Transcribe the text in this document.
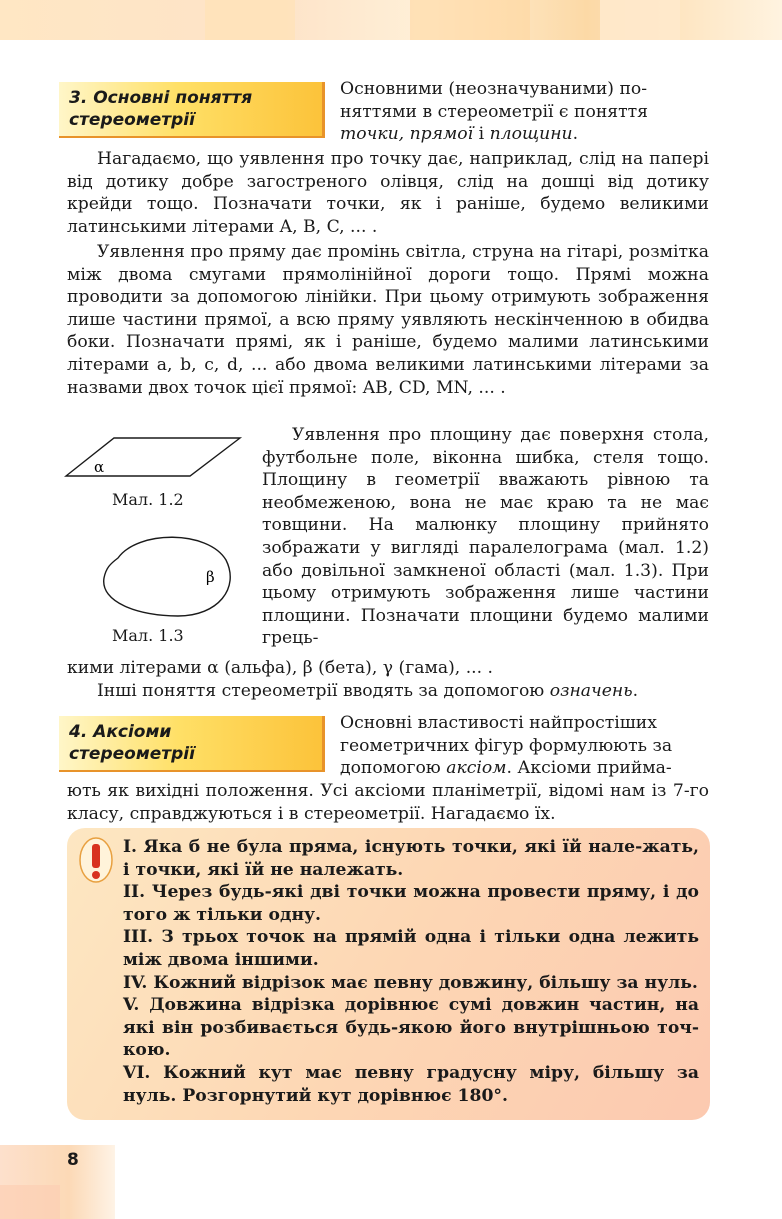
3. Основні поняття
стереометрії

Основними (неозначуваними) по-
няттями в стереометрії є поняття
точки, прямої і площини.

Нагадаємо, що уявлення про точку дає, наприклад, слід на папері від дотику добре загостреного олівця, слід на дошці від дотику крейди тощо. Позначати точки, як і раніше, будемо великими латинськими літерами A, B, C, ... .

Уявлення про пряму дає промінь світла, струна на гітарі, розмітка між двома смугами прямолінійної дороги тощо. Прямі можна проводити за допомогою лінійки. При цьому отримують зображення лише частини прямої, а всю пряму уявляють нескінченною в обидва боки. Позначати прямі, як і раніше, будемо малими латинськими літерами a, b, c, d, ... або двома великими латинськими літерами за назвами двох точок цієї прямої: AB, CD, MN, ... .

α
Мал. 1.2
β
Мал. 1.3

Уявлення про площину дає поверхня стола, футбольне поле, віконна шибка, стеля тощо. Площину в геометрії вважають рівною та необмеженою, вона не має краю та не має товщини. На малюнку площину прийнято зображати у вигляді паралелограма (мал. 1.2) або довільної замкненої області (мал. 1.3). При цьому отримують зображення лише частини площини. Позначати площини будемо малими грець-

кими літерами α (альфа), β (бета), γ (гама), ... .

Інші поняття стереометрії вводять за допомогою означень.

4. Аксіоми
стереометрії

Основні властивості найпростіших
геометричних фігур формулюють за
допомогою аксіом. Аксіоми прийма-

ють як вихідні положення. Усі аксіоми планіметрії, відомі нам із 7-го класу, справджуються і в стереометрії. Нагадаємо їх.

I. Яка б не була пряма, існують точки, які їй нале-жать, і точки, які їй не належать.
II. Через будь-які дві точки можна провести пряму, і до того ж тільки одну.
III. З трьох точок на прямій одна і тільки одна лежить між двома іншими.
IV. Кожний відрізок має певну довжину, більшу за нуль.
V. Довжина відрізка дорівнює сумі довжин частин, на які він розбивається будь-якою його внутрішньою точ-кою.
VI. Кожний кут має певну градусну міру, більшу за нуль. Розгорнутий кут дорівнює 180°.
8
